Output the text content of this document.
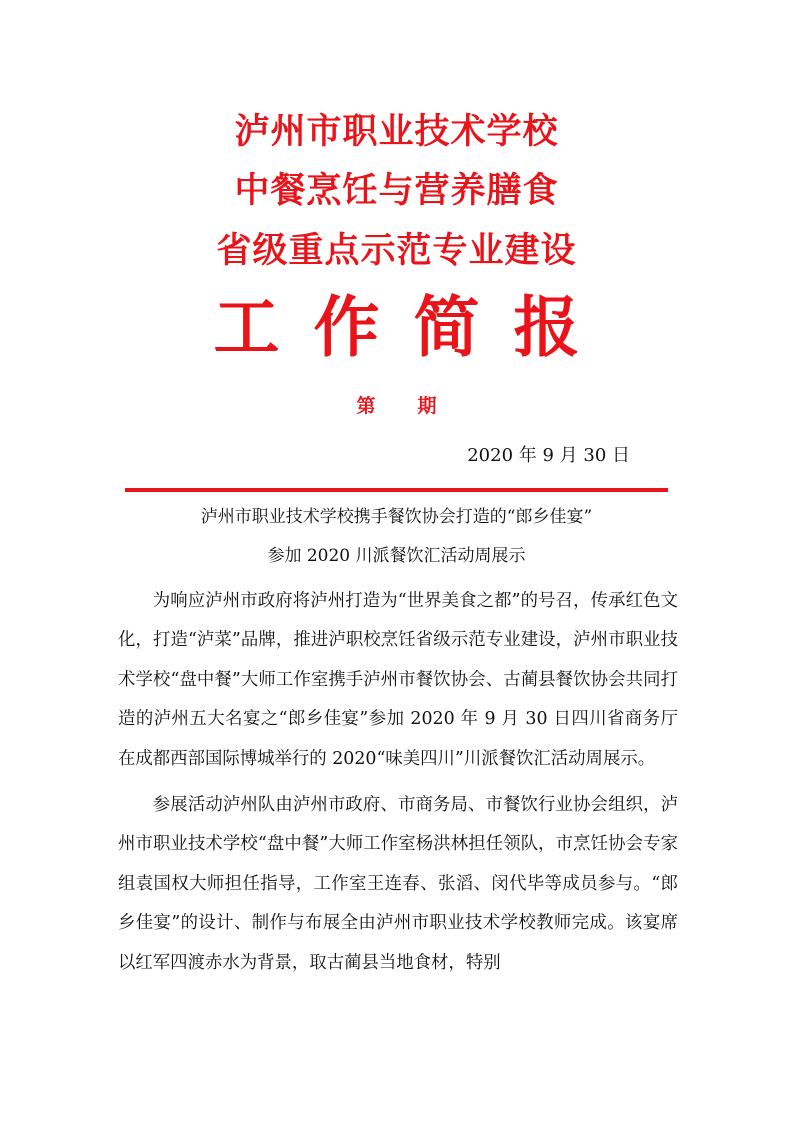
泸州市职业技术学校
中餐烹饪与营养膳食
省级重点示范专业建设
工作简报
第 期
2020 年 9 月 30 日
泸州市职业技术学校携手餐饮协会打造的“郎乡佳宴”
参加 2020 川派餐饮汇活动周展示

为响应泸州市政府将泸州打造为“世界美食之都”的号召，传承红色文化，打造“泸菜”品牌，推进泸职校烹饪省级示范专业建设，泸州市职业技术学校“盘中餐”大师工作室携手泸州市餐饮协会、古蔺县餐饮协会共同打造的泸州五大名宴之“郎乡佳宴”参加 2020 年 9 月 30 日四川省商务厅在成都西部国际博城举行的 2020“味美四川”川派餐饮汇活动周展示。

参展活动泸州队由泸州市政府、市商务局、市餐饮行业协会组织，泸州市职业技术学校“盘中餐”大师工作室杨洪林担任领队，市烹饪协会专家组袁国权大师担任指导，工作室王连春、张滔、闵代毕等成员参与。“郎乡佳宴”的设计、制作与布展全由泸州市职业技术学校教师完成。该宴席以红军四渡赤水为背景，取古蔺县当地食材，特别
